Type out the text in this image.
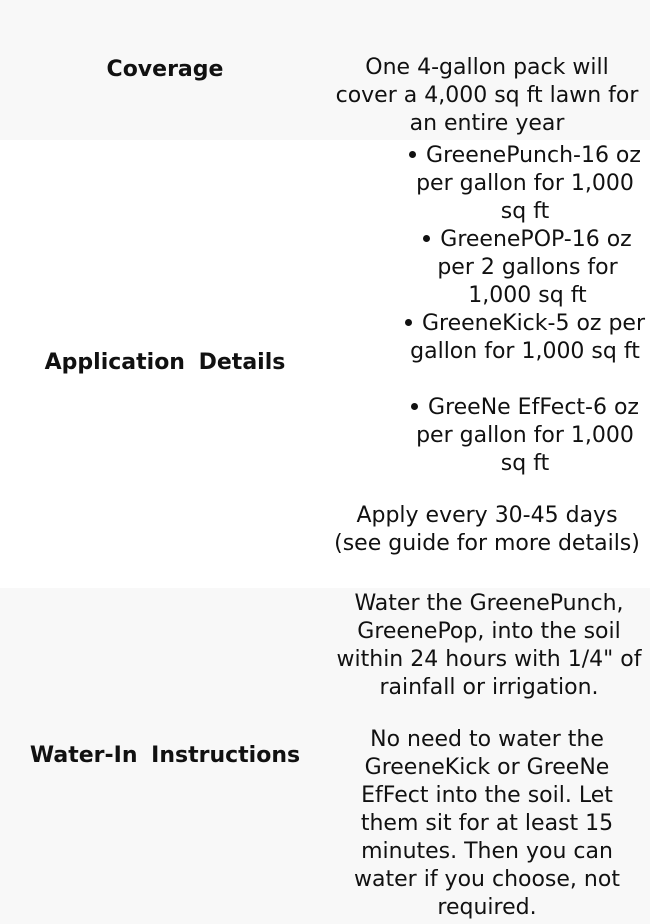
Coverage	One 4-gallon pack will cover a 4,000 sq ft lawn for an entire year
Application Details
GreenePunch-16 oz per gallon for 1,000 sq ft
GreenePOP-16 oz per 2 gallons for 1,000 sq ft
GreeneKick-5 oz per gallon for 1,000 sq ft
GreeNe EfFect-6 oz per gallon for 1,000 sq ft
Apply every 30-45 days (see guide for more details)
Water-In Instructions
Water the GreenePunch, GreenePop, into the soil within 24 hours with 1/4" of rainfall or irrigation.
No need to water the GreeneKick or GreeNe EfFect into the soil. Let them sit for at least 15 minutes. Then you can water if you choose, not required.
